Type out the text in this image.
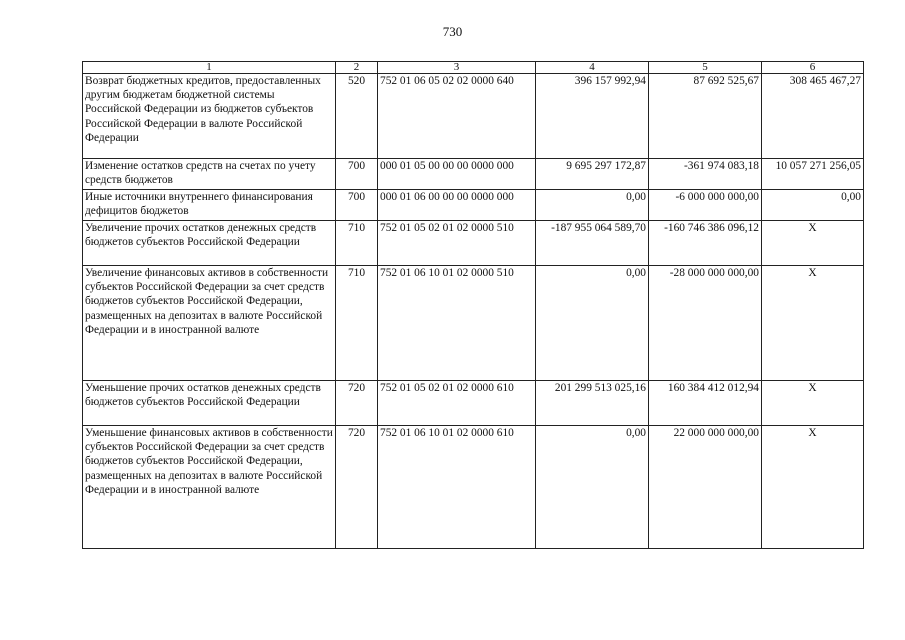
730
1	2	3	4	5	6
Возврат бюджетных кредитов, предоставленных другим бюджетам бюджетной системы Российской Федерации из бюджетов субъектов Российской Федерации в валюте Российской Федерации	520	752 01 06 05 02 02 0000 640	396 157 992,94	87 692 525,67	308 465 467,27
Изменение остатков средств на счетах по учету средств бюджетов	700	000 01 05 00 00 00 0000 000	9 695 297 172,87	-361 974 083,18	10 057 271 256,05
Иные источники внутреннего финансирования дефицитов бюджетов	700	000 01 06 00 00 00 0000 000	0,00	-6 000 000 000,00	0,00
Увеличение прочих остатков денежных средств бюджетов субъектов Российской Федерации	710	752 01 05 02 01 02 0000 510	-187 955 064 589,70	-160 746 386 096,12	X
Увеличение финансовых активов в собственности субъектов Российской Федерации за счет средств бюджетов субъектов Российской Федерации, размещенных на депозитах в валюте Российской Федерации и в иностранной валюте	710	752 01 06 10 01 02 0000 510	0,00	-28 000 000 000,00	X
Уменьшение прочих остатков денежных средств бюджетов субъектов Российской Федерации	720	752 01 05 02 01 02 0000 610	201 299 513 025,16	160 384 412 012,94	X
Уменьшение финансовых активов в собственности субъектов Российской Федерации за счет средств бюджетов субъектов Российской Федерации, размещенных на депозитах в валюте Российской Федерации и в иностранной валюте	720	752 01 06 10 01 02 0000 610	0,00	22 000 000 000,00	X
